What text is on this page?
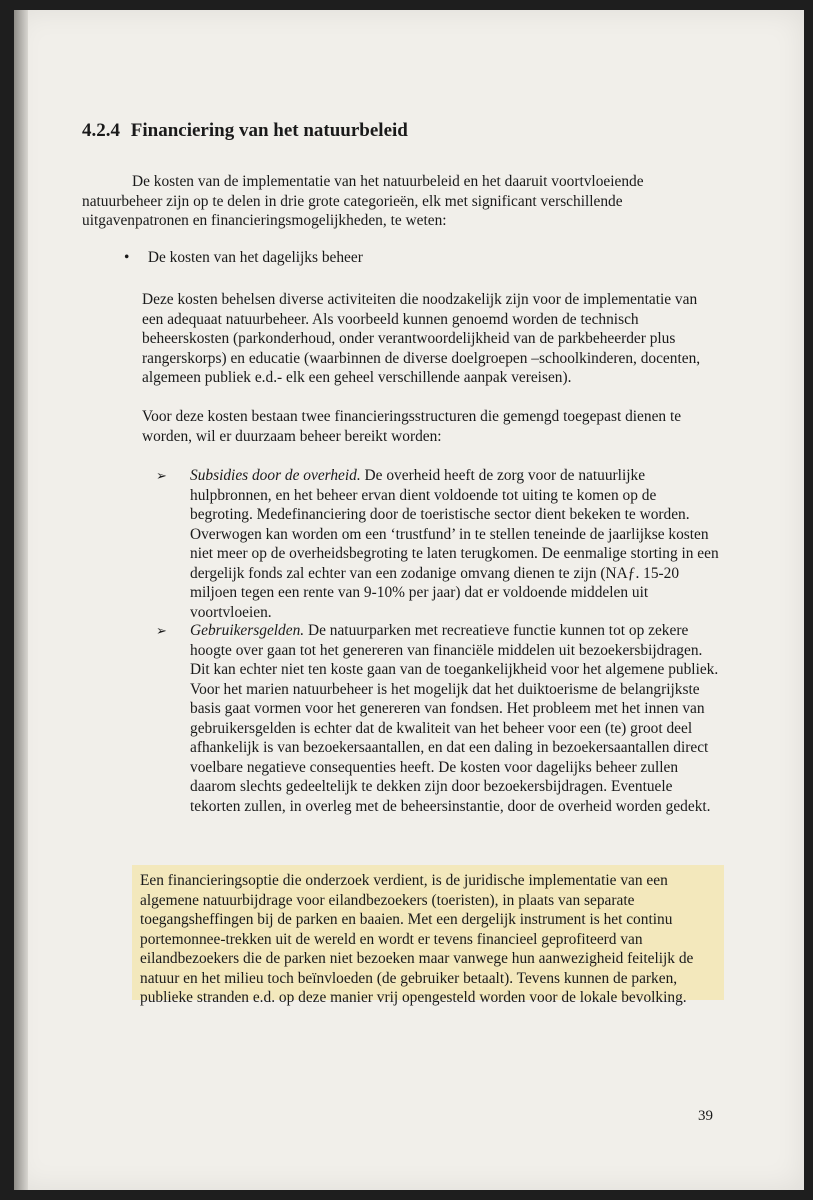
4.2.4 Financiering van het natuurbeleid
De kosten van de implementatie van het natuurbeleid en het daaruit voortvloeiende natuurbeheer zijn op te delen in drie grote categorieën, elk met significant verschillende uitgavenpatronen en financieringsmogelijkheden, te weten:
• De kosten van het dagelijks beheer
Deze kosten behelsen diverse activiteiten die noodzakelijk zijn voor de implementatie van een adequaat natuurbeheer. Als voorbeeld kunnen genoemd worden de technisch beheerskosten (parkonderhoud, onder verantwoordelijkheid van de parkbeheerder plus rangerskorps) en educatie (waarbinnen de diverse doelgroepen –schoolkinderen, docenten, algemeen publiek e.d.- elk een geheel verschillende aanpak vereisen).
Voor deze kosten bestaan twee financieringsstructuren die gemengd toegepast dienen te worden, wil er duurzaam beheer bereikt worden:
➢ Subsidies door de overheid. De overheid heeft de zorg voor de natuurlijke hulpbronnen, en het beheer ervan dient voldoende tot uiting te komen op de begroting. Medefinanciering door de toeristische sector dient bekeken te worden. Overwogen kan worden om een ‘trustfund’ in te stellen teneinde de jaarlijkse kosten niet meer op de overheidsbegroting te laten terugkomen. De eenmalige storting in een dergelijk fonds zal echter van een zodanige omvang dienen te zijn (NAƒ. 15-20 miljoen tegen een rente van 9-10% per jaar) dat er voldoende middelen uit voortvloeien.
➢ Gebruikersgelden. De natuurparken met recreatieve functie kunnen tot op zekere hoogte over gaan tot het genereren van financiële middelen uit bezoekersbijdragen. Dit kan echter niet ten koste gaan van de toegankelijkheid voor het algemene publiek. Voor het marien natuurbeheer is het mogelijk dat het duiktoerisme de belangrijkste basis gaat vormen voor het genereren van fondsen. Het probleem met het innen van gebruikersgelden is echter dat de kwaliteit van het beheer voor een (te) groot deel afhankelijk is van bezoekersaantallen, en dat een daling in bezoekersaantallen direct voelbare negatieve consequenties heeft. De kosten voor dagelijks beheer zullen daarom slechts gedeeltelijk te dekken zijn door bezoekersbijdragen. Eventuele tekorten zullen, in overleg met de beheersinstantie, door de overheid worden gedekt.
Een financieringsoptie die onderzoek verdient, is de juridische implementatie van een algemene natuurbijdrage voor eilandbezoekers (toeristen), in plaats van separate toegangsheffingen bij de parken en baaien. Met een dergelijk instrument is het continu portemonnee-trekken uit de wereld en wordt er tevens financieel geprofiteerd van eilandbezoekers die de parken niet bezoeken maar vanwege hun aanwezigheid feitelijk de natuur en het milieu toch beïnvloeden (de gebruiker betaalt). Tevens kunnen de parken, publieke stranden e.d. op deze manier vrij opengesteld worden voor de lokale bevolking.
39
